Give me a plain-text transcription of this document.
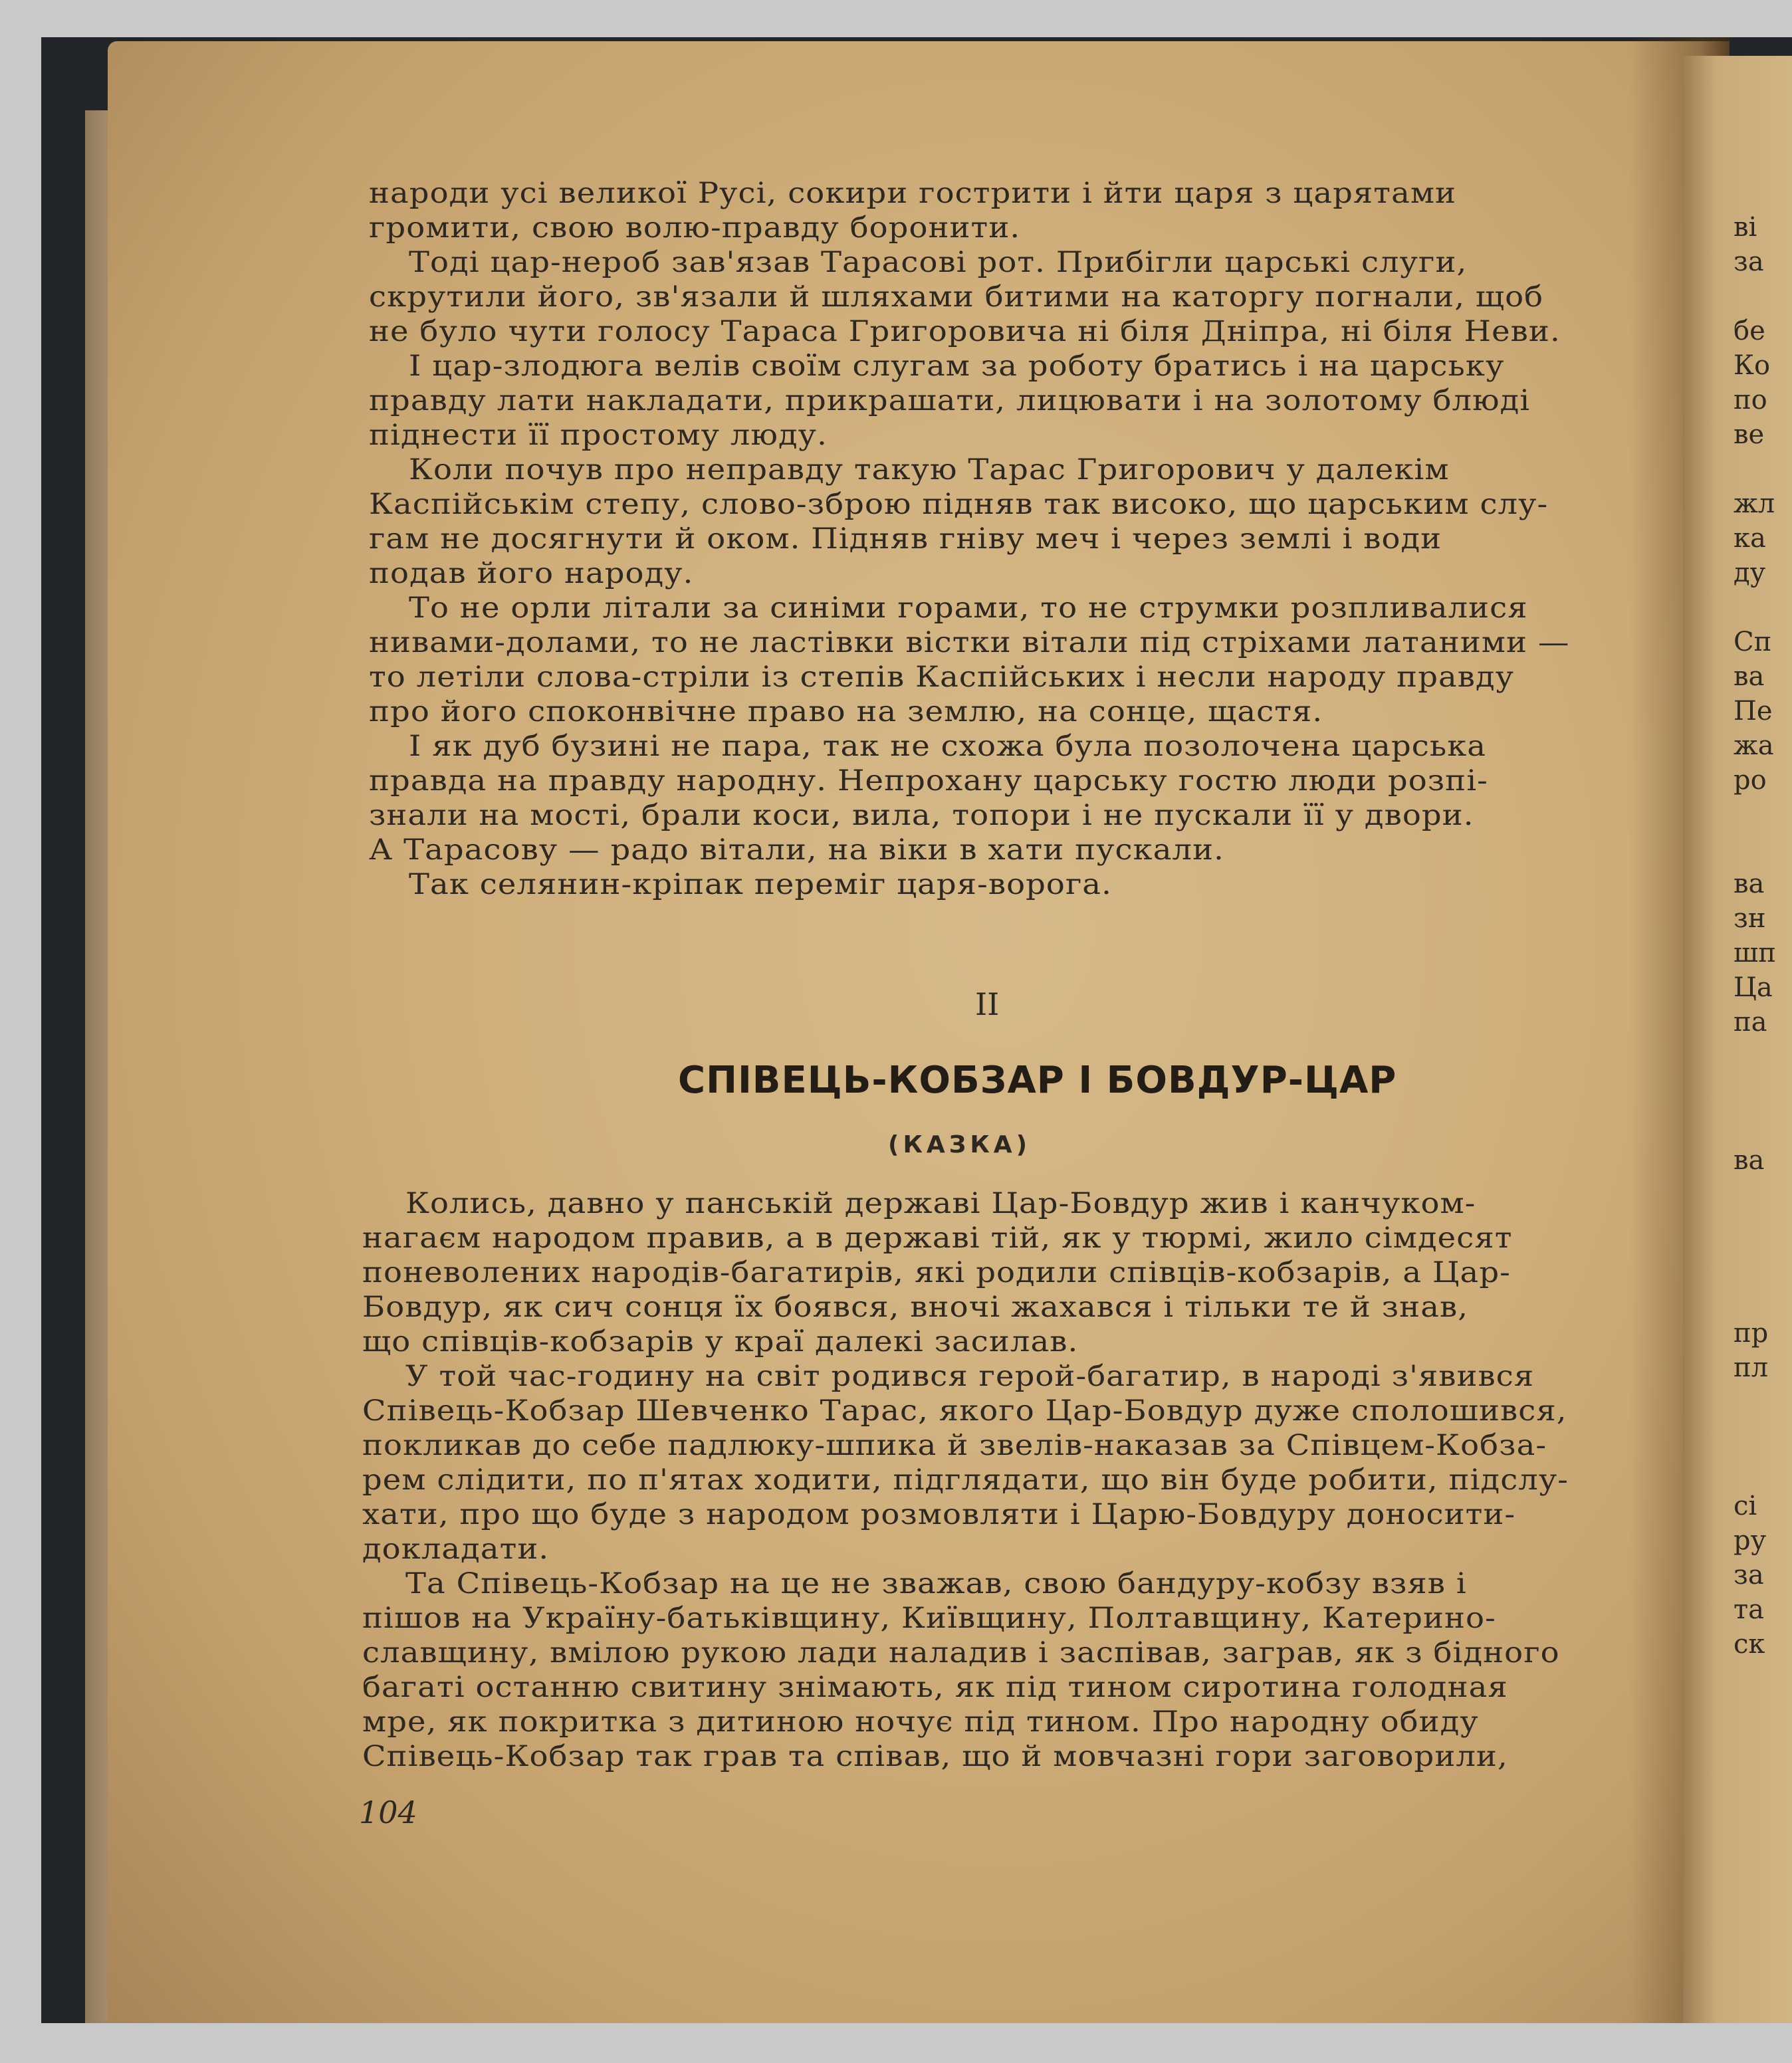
народи усі великої Русі, сокири гострити і йти царя з царятами
громити, свою волю-правду боронити.
Тоді цар-нероб зав'язав Тарасові рот. Прибігли царські слуги,
скрутили його, зв'язали й шляхами битими на каторгу погнали, щоб
не було чути голосу Тараса Григоровича ні біля Дніпра, ні біля Неви.
І цар-злодюга велів своїм слугам за роботу братись і на царську
правду лати накладати, прикрашати, лицювати і на золотому блюді
піднести її простому люду.
Коли почув про неправду такую Тарас Григорович у далекім
Каспійськім степу, слово-зброю підняв так високо, що царським слу-
гам не досягнути й оком. Підняв гніву меч і через землі і води
подав його народу.
То не орли літали за синіми горами, то не струмки розпливалися
нивами-долами, то не ластівки вістки вітали під стріхами латаними —
то летіли слова-стріли із степів Каспійських і несли народу правду
про його споконвічне право на землю, на сонце, щастя.
І як дуб бузині не пара, так не схожа була позолочена царська
правда на правду народну. Непрохану царську гостю люди розпі-
знали на мості, брали коси, вила, топори і не пускали її у двори.
А Тарасову — радо вітали, на віки в хати пускали.
Так селянин-кріпак переміг царя-ворога.
II
СПІВЕЦЬ-КОБЗАР І БОВДУР-ЦАР
(КАЗКА)
Колись, давно у панській державі Цар-Бовдур жив і канчуком-
нагаєм народом правив, а в державі тій, як у тюрмі, жило сімдесят
поневолених народів-багатирів, які родили співців-кобзарів, а Цар-
Бовдур, як сич сонця їх боявся, вночі жахався і тільки те й знав,
що співців-кобзарів у краї далекі засилав.
У той час-годину на світ родився герой-багатир, в народі з'явився
Співець-Кобзар Шевченко Тарас, якого Цар-Бовдур дуже сполошився,
покликав до себе падлюку-шпика й звелів-наказав за Співцем-Кобза-
рем слідити, по п'ятах ходити, підглядати, що він буде робити, підслу-
хати, про що буде з народом розмовляти і Царю-Бовдуру доносити-
докладати.
Та Співець-Кобзар на це не зважав, свою бандуру-кобзу взяв і
пішов на Україну-батьківщину, Київщину, Полтавщину, Катерино-
славщину, вмілою рукою лади наладив і заспівав, заграв, як з бідного
багаті останню свитину знімають, як під тином сиротина голодная
мре, як покритка з дитиною ночує під тином. Про народну обиду
Співець-Кобзар так грав та співав, що й мовчазні гори заговорили,
104
ві
за
бе
Ко
по
ве
жл
ка
ду
Сп
ва
Пе
жа
ро
ва
зн
шп
Ца
па
ва
пр
пл
сі
ру
за
та
ск
